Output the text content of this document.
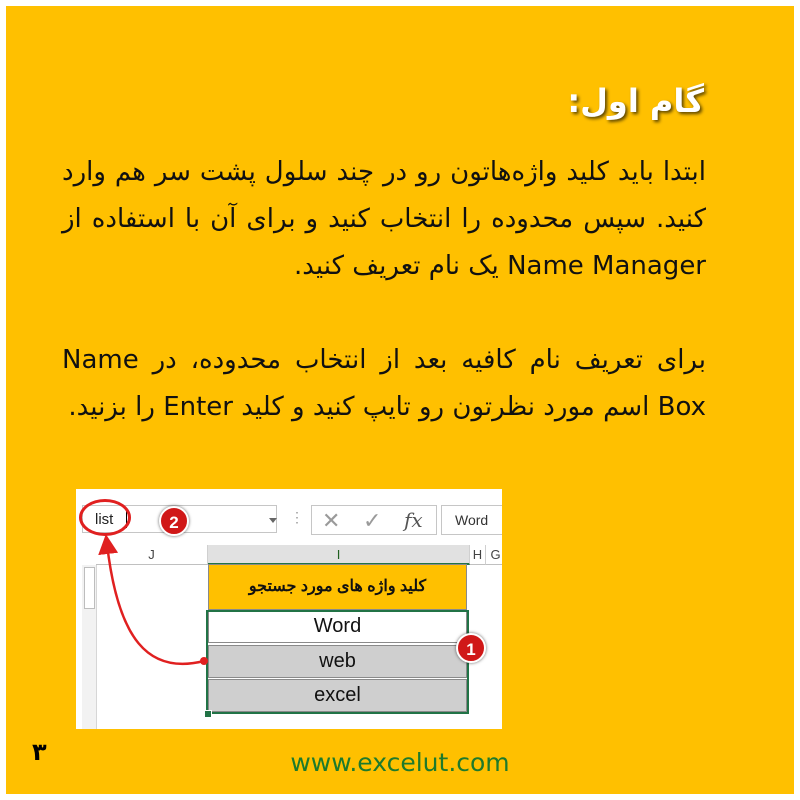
گام اول:

ابتدا باید کلید واژه‌هاتون رو در چند سلول پشت سر هم وارد کنید. سپس محدوده را انتخاب کنید و برای آن با استفاده از Name Manager یک نام تعریف کنید.

برای تعریف نام کافیه بعد از انتخاب محدوده، در Name Box اسم مورد نظرتون رو تایپ کنید و کلید Enter را بزنید.

list	2	⋮ ✕ ✓ fx Word
J	I	H G
کلید واژه های مورد جستجو
Word
web
excel
1
۳	www.excelut.com
